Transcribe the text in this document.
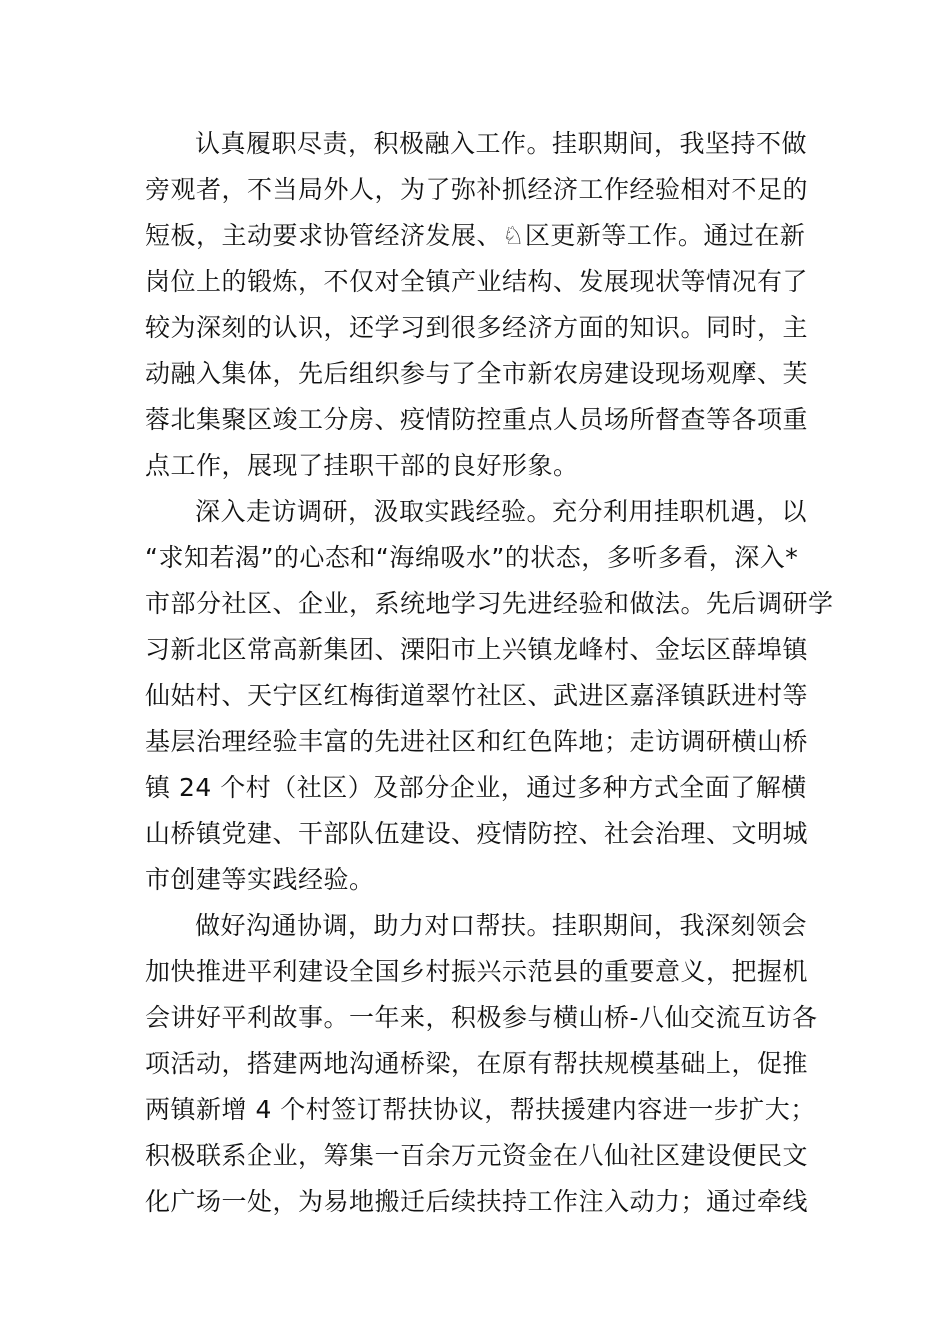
认真履职尽责，积极融入工作。挂职期间，我坚持不做
旁观者，不当局外人，为了弥补抓经济工作经验相对不足的
短板，主动要求协管经济发展、♘区更新等工作。通过在新
岗位上的锻炼，不仅对全镇产业结构、发展现状等情况有了
较为深刻的认识，还学习到很多经济方面的知识。同时，主
动融入集体，先后组织参与了全市新农房建设现场观摩、芙
蓉北集聚区竣工分房、疫情防控重点人员场所督查等各项重
点工作，展现了挂职干部的良好形象。
深入走访调研，汲取实践经验。充分利用挂职机遇，以
“求知若渴”的心态和“海绵吸水”的状态，多听多看，深入*
市部分社区、企业，系统地学习先进经验和做法。先后调研学
习新北区常高新集团、溧阳市上兴镇龙峰村、金坛区薛埠镇
仙姑村、天宁区红梅街道翠竹社区、武进区嘉泽镇跃进村等
基层治理经验丰富的先进社区和红色阵地；走访调研横山桥
镇 24 个村（社区）及部分企业，通过多种方式全面了解横
山桥镇党建、干部队伍建设、疫情防控、社会治理、文明城
市创建等实践经验。
做好沟通协调，助力对口帮扶。挂职期间，我深刻领会
加快推进平利建设全国乡村振兴示范县的重要意义，把握机
会讲好平利故事。一年来，积极参与横山桥-八仙交流互访各
项活动，搭建两地沟通桥梁，在原有帮扶规模基础上，促推
两镇新增 4 个村签订帮扶协议，帮扶援建内容进一步扩大；
积极联系企业，筹集一百余万元资金在八仙社区建设便民文
化广场一处，为易地搬迁后续扶持工作注入动力；通过牵线
